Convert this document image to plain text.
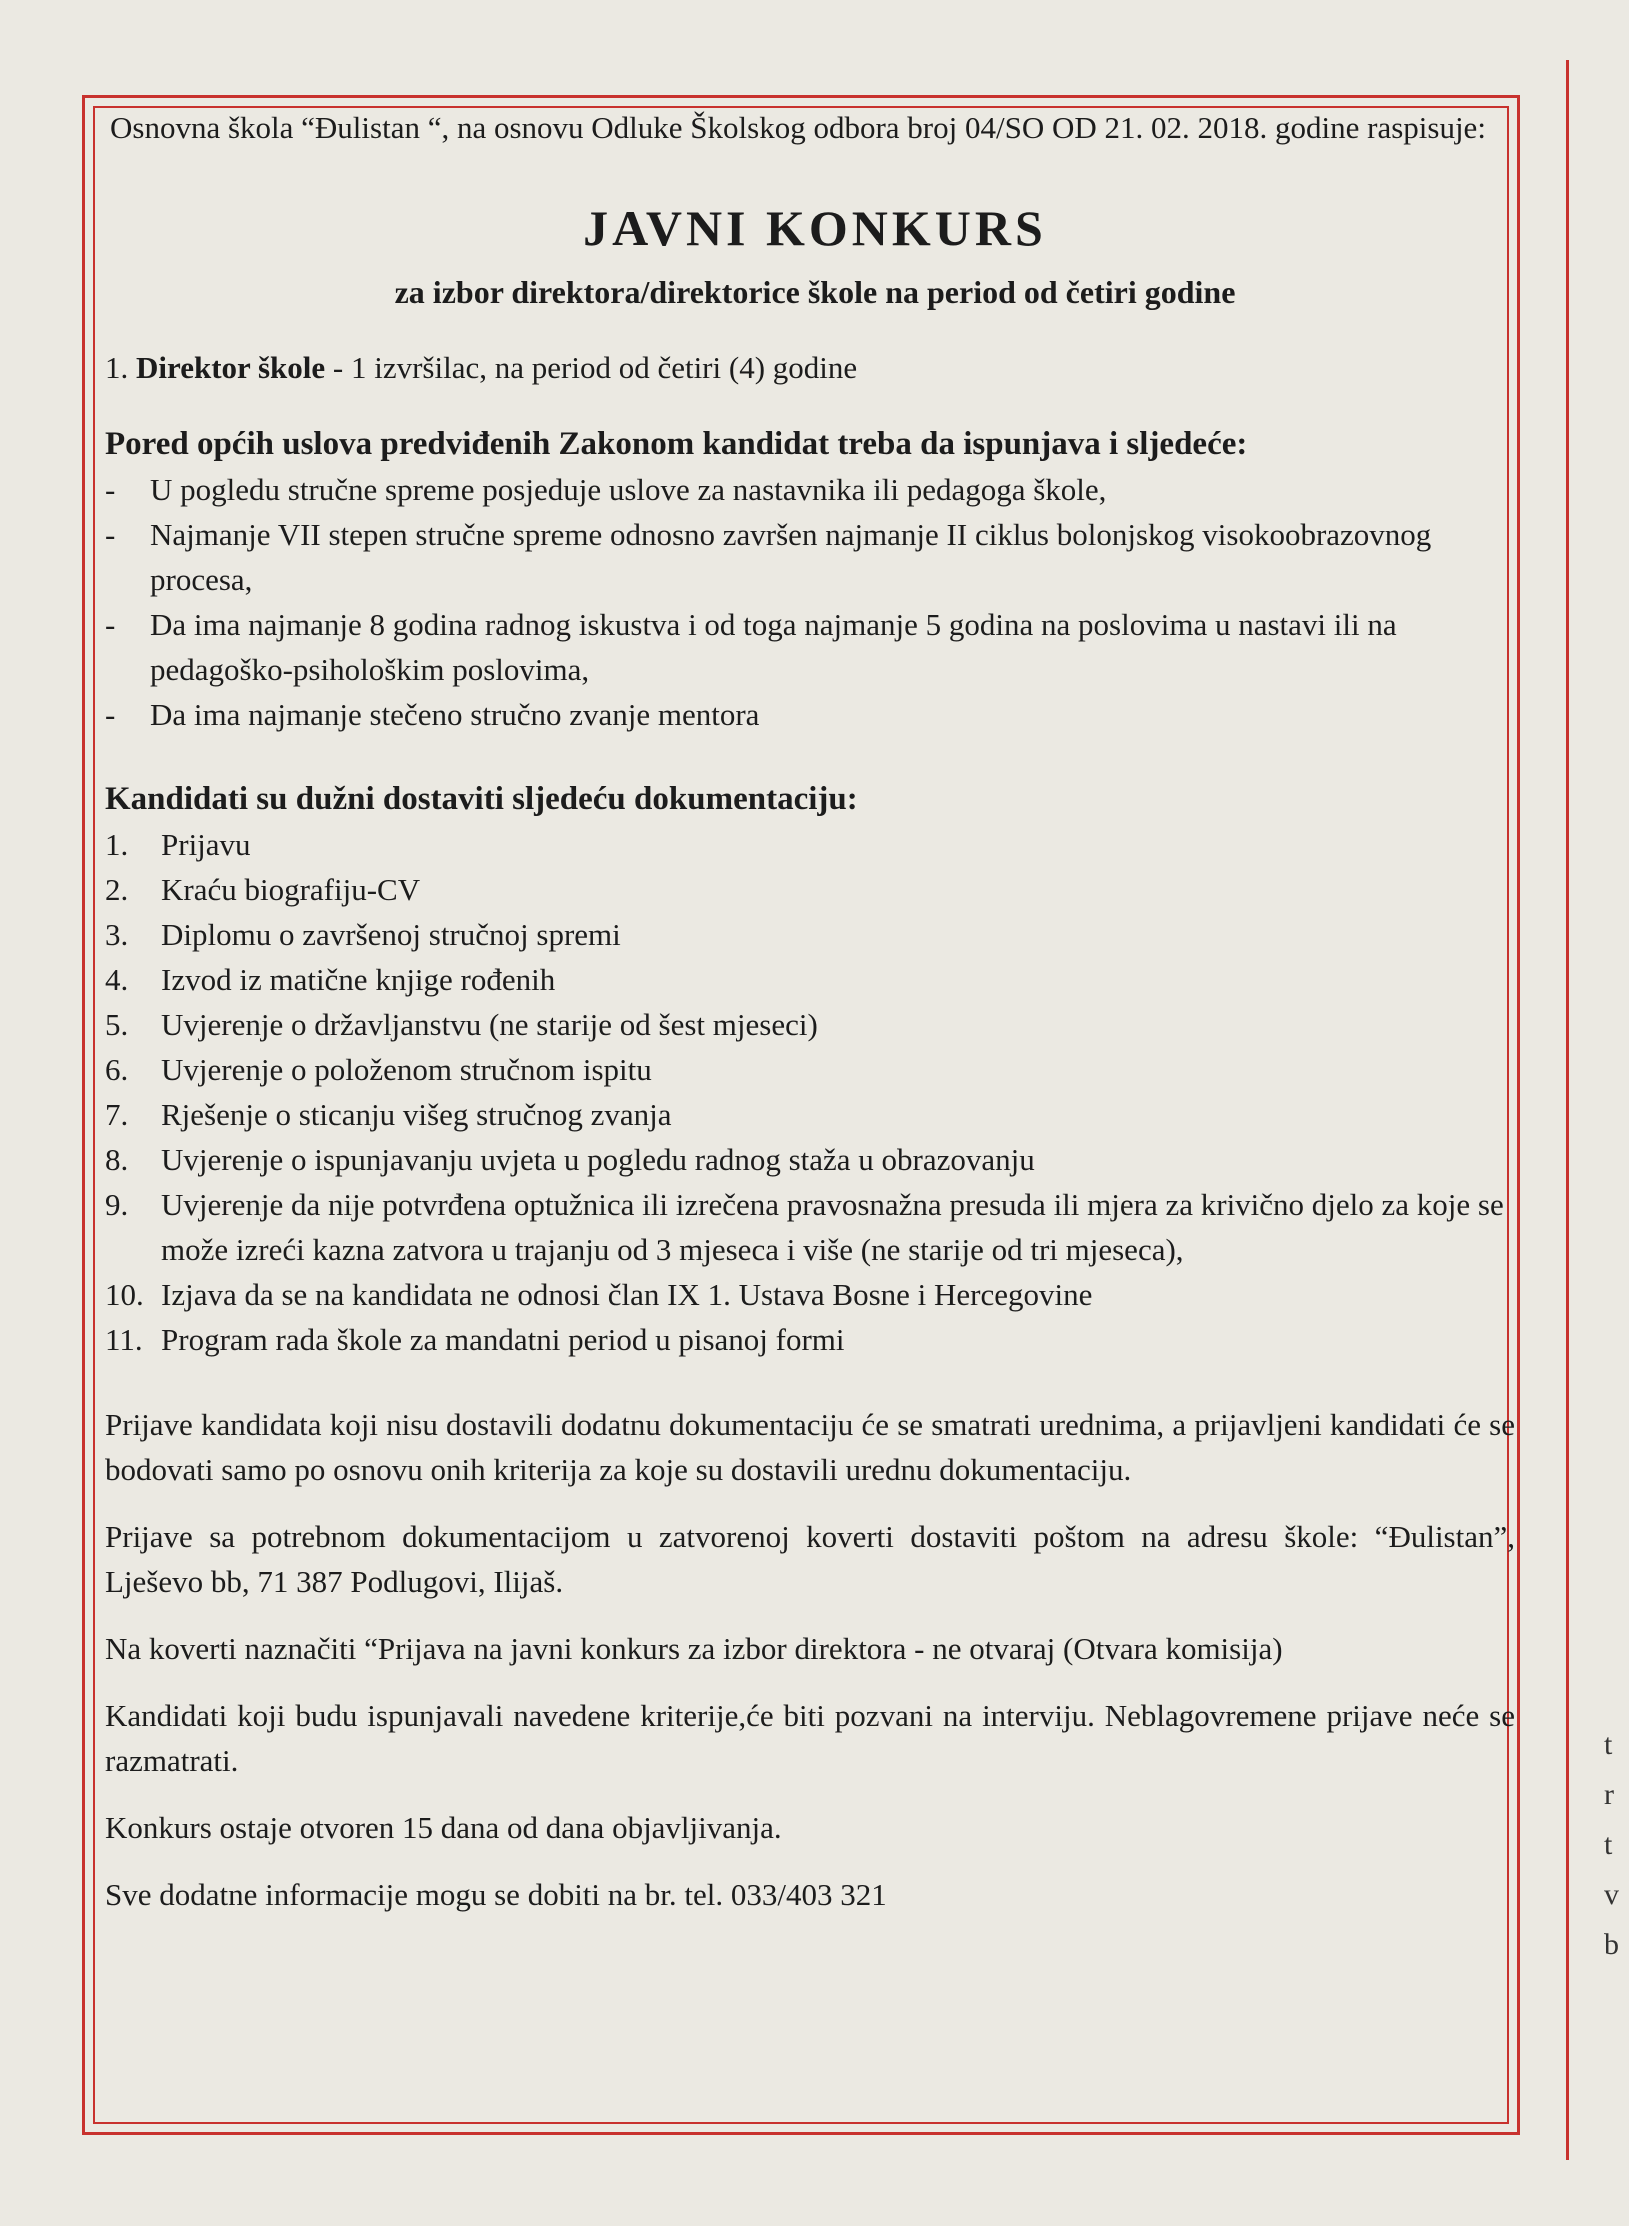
t
r
t
v
b
Osnovna škola “Đulistan “, na osnovu Odluke Školskog odbora broj 04/SO OD 21. 02. 2018. godine raspisuje:
JAVNI KONKURS
za izbor direktora/direktorice škole na period od četiri godine
1. Direktor škole - 1 izvršilac, na period od četiri (4) godine
Pored općih uslova predviđenih Zakonom kandidat treba da ispunjava i sljedeće:
- U pogledu stručne spreme posjeduje uslove za nastavnika ili pedagoga škole,
- Najmanje VII stepen stručne spreme odnosno završen najmanje II ciklus bolonjskog visokoobrazovnog procesa,
- Da ima najmanje 8 godina radnog iskustva i od toga najmanje 5 godina na poslovima u nastavi ili na pedagoško-psihološkim poslovima,
- Da ima najmanje stečeno stručno zvanje mentora
Kandidati su dužni dostaviti sljedeću dokumentaciju:
1.	Prijavu
2.	Kraću biografiju-CV
3.	Diplomu o završenoj stručnoj spremi
4.	Izvod iz matične knjige rođenih
5.	Uvjerenje o državljanstvu (ne starije od šest mjeseci)
6.	Uvjerenje o položenom stručnom ispitu
7.	Rješenje o sticanju višeg stručnog zvanja
8.	Uvjerenje o ispunjavanju uvjeta u pogledu radnog staža u obrazovanju
9.	Uvjerenje da nije potvrđena optužnica ili izrečena pravosnažna presuda ili mjera za krivično djelo za koje se može izreći kazna zatvora u trajanju od 3 mjeseca i više (ne starije od tri mjeseca),
10. Izjava da se na kandidata ne odnosi član IX 1. Ustava Bosne i Hercegovine
11. Program rada škole za mandatni period u pisanoj formi

Prijave kandidata koji nisu dostavili dodatnu dokumentaciju će se smatrati urednima, a prijavljeni kandidati će se bodovati samo po osnovu onih kriterija za koje su dostavili urednu dokumentaciju.

Prijave sa potrebnom dokumentacijom u zatvorenoj koverti dostaviti poštom na adresu škole: “Đulistan”, Lješevo bb, 71 387 Podlugovi, Ilijaš.

Na koverti naznačiti “Prijava na javni konkurs za izbor direktora - ne otvaraj (Otvara komisija)

Kandidati koji budu ispunjavali navedene kriterije,će biti pozvani na interviju. Neblagovremene prijave neće se razmatrati.

Konkurs ostaje otvoren 15 dana od dana objavljivanja.

Sve dodatne informacije mogu se dobiti na br. tel. 033/403 321
